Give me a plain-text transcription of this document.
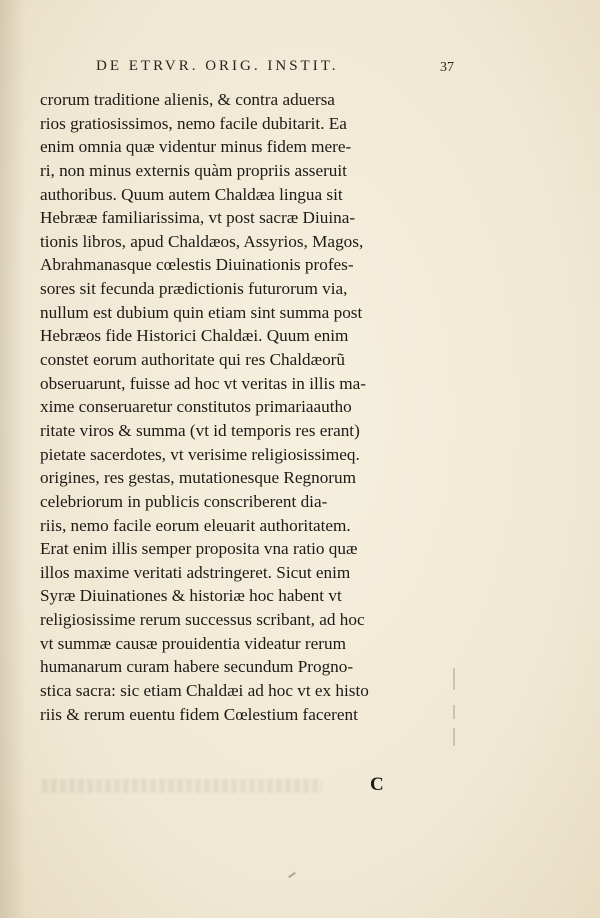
DE ETRVR. ORIG. INSTIT.	37
crorum traditione alienis, & contra aduersa
rios gratiosissimos, nemo facile dubitarit. Ea
enim omnia quæ videntur minus fidem mere-
ri, non minus externis quàm propriis asseruit
authoribus. Quum autem Chaldæa lingua sit
Hebrææ familiarissima, vt post sacræ Diuina-
tionis libros, apud Chaldæos, Assyrios, Magos,
Abrahmanasque cœlestis Diuinationis profes-
sores sit fecunda prædictionis futurorum via,
nullum est dubium quin etiam sint summa post
Hebræos fide Historici Chaldæi. Quum enim
constet eorum authoritate qui res Chaldæorũ
obseruarunt, fuisse ad hoc vt veritas in illis ma-
xime conseruaretur constitutos primariaautho
ritate viros & summa (vt id temporis res erant)
pietate sacerdotes, vt verisime religiosissimeq.
origines, res gestas, mutationesque Regnorum
celebriorum in publicis conscriberent dia-
riis, nemo facile eorum eleuarit authoritatem.
Erat enim illis semper proposita vna ratio quæ
illos maxime veritati adstringeret. Sicut enim
Syræ Diuinationes & historiæ hoc habent vt
religiosissime rerum successus scribant, ad hoc
vt summæ causæ prouidentia videatur rerum
humanarum curam habere secundum Progno-
stica sacra: sic etiam Chaldæi ad hoc vt ex histo
riis & rerum euentu fidem Cœlestium facerent
C
